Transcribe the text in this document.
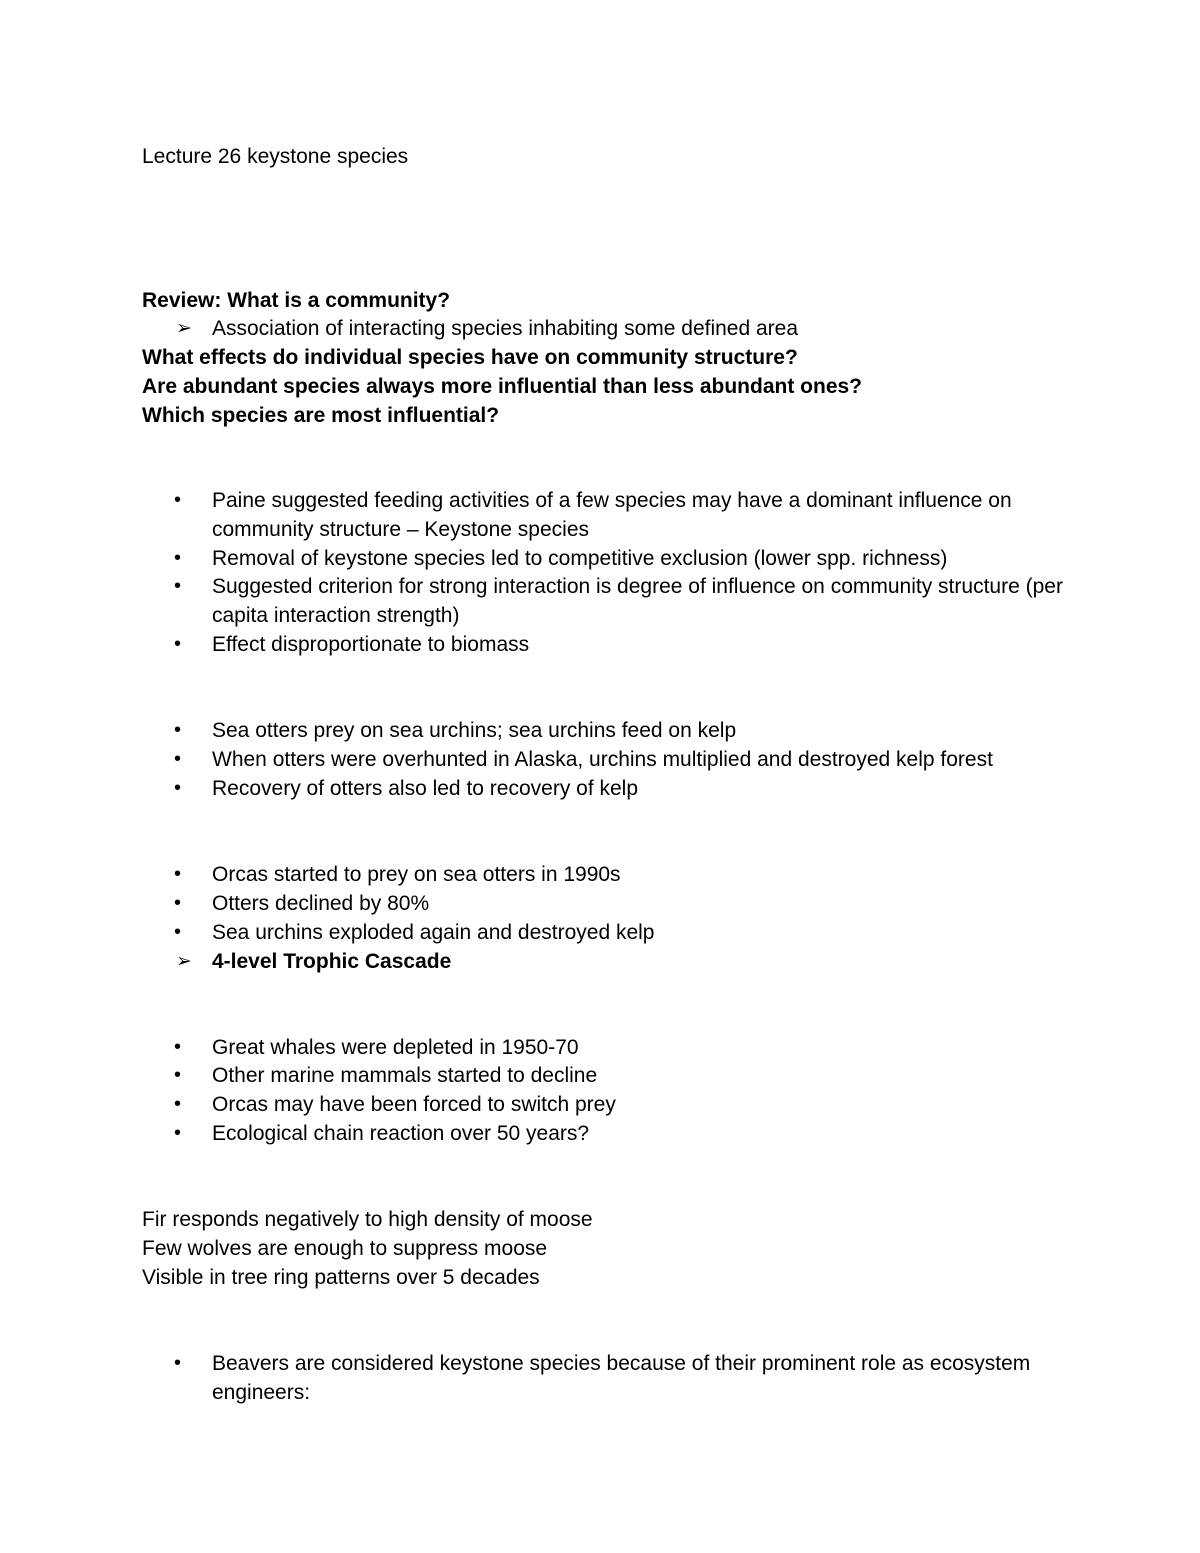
Lecture 26 keystone species
Review: What is a community?
➢ Association of interacting species inhabiting some defined area
What effects do individual species have on community structure?
Are abundant species always more influential than less abundant ones?
Which species are most influential?
• Paine suggested feeding activities of a few species may have a dominant influence on community structure – Keystone species
• Removal of keystone species led to competitive exclusion (lower spp. richness)
• Suggested criterion for strong interaction is degree of influence on community structure (per capita interaction strength)
• Effect disproportionate to biomass
• Sea otters prey on sea urchins; sea urchins feed on kelp
• When otters were overhunted in Alaska, urchins multiplied and destroyed kelp forest
• Recovery of otters also led to recovery of kelp
• Orcas started to prey on sea otters in 1990s
• Otters declined by 80%
• Sea urchins exploded again and destroyed kelp
➢ 4-level Trophic Cascade
• Great whales were depleted in 1950-70
• Other marine mammals started to decline
• Orcas may have been forced to switch prey
• Ecological chain reaction over 50 years?
Fir responds negatively to high density of moose
Few wolves are enough to suppress moose
Visible in tree ring patterns over 5 decades
• Beavers are considered keystone species because of their prominent role as ecosystem engineers:
